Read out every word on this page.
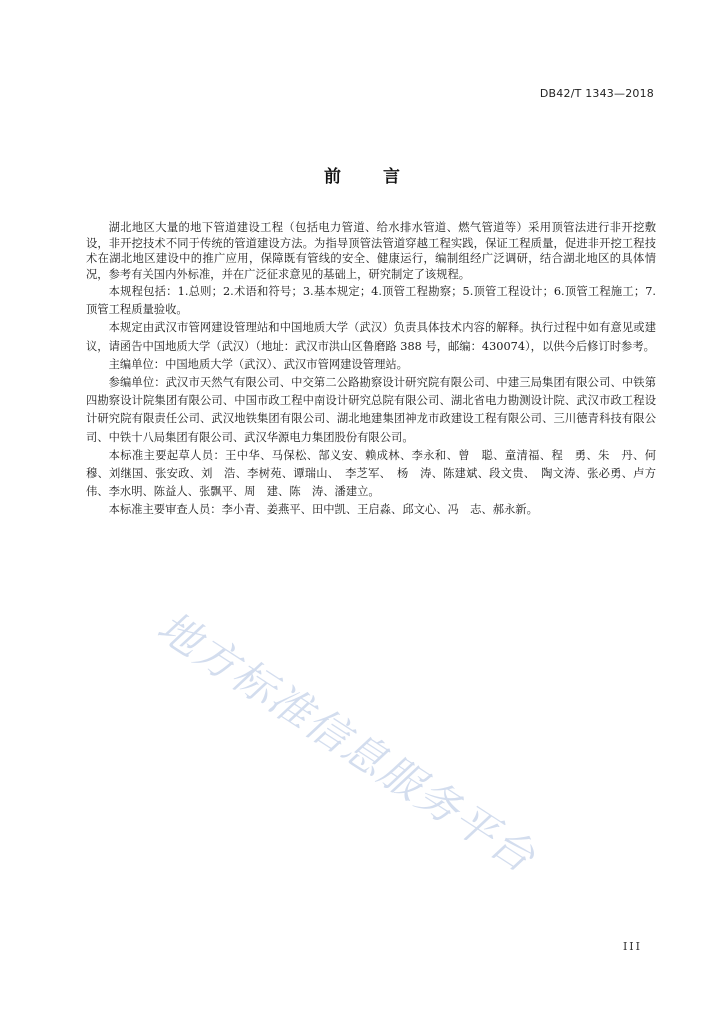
DB42/T 1343—2018
前言

湖北地区大量的地下管道建设工程（包括电力管道、给水排水管道、燃气管道等）采用顶管法进行非开挖敷设，非开挖技术不同于传统的管道建设方法。为指导顶管法管道穿越工程实践，保证工程质量，促进非开挖工程技术在湖北地区建设中的推广应用，保障既有管线的安全、健康运行，编制组经广泛调研，结合湖北地区的具体情况，参考有关国内外标准，并在广泛征求意见的基础上，研究制定了该规程。

本规程包括：1.总则；2.术语和符号；3.基本规定；4.顶管工程勘察；5.顶管工程设计；6.顶管工程施工；7.顶管工程质量验收。

本规定由武汉市管网建设管理站和中国地质大学（武汉）负责具体技术内容的解释。执行过程中如有意见或建议，请函告中国地质大学（武汉）（地址：武汉市洪山区鲁磨路 388 号，邮编：430074），以供今后修订时参考。

主编单位：中国地质大学（武汉）、武汉市管网建设管理站。

参编单位：武汉市天然气有限公司、中交第二公路勘察设计研究院有限公司、中建三局集团有限公司、中铁第四勘察设计院集团有限公司、中国市政工程中南设计研究总院有限公司、湖北省电力勘测设计院、武汉市政工程设计研究院有限责任公司、武汉地铁集团有限公司、湖北地建集团神龙市政建设工程有限公司、三川德青科技有限公司、中铁十八局集团有限公司、武汉华源电力集团股份有限公司。

本标准主要起草人员：王中华、马保松、郜义安、赖成林、李永和、曾　聪、童清福、程　勇、朱　丹、何　穆、刘继国、张安政、刘　浩、李树苑、谭瑞山、　李芝军、　杨　涛、陈建斌、段文贵、　陶文涛、张必勇、卢方伟、李水明、陈益人、张飘平、周　建、陈　涛、潘建立。

本标准主要审查人员：李小青、姜燕平、田中凯、王启淼、邱文心、冯　志、郝永新。

地方标准信息服务平台
III
